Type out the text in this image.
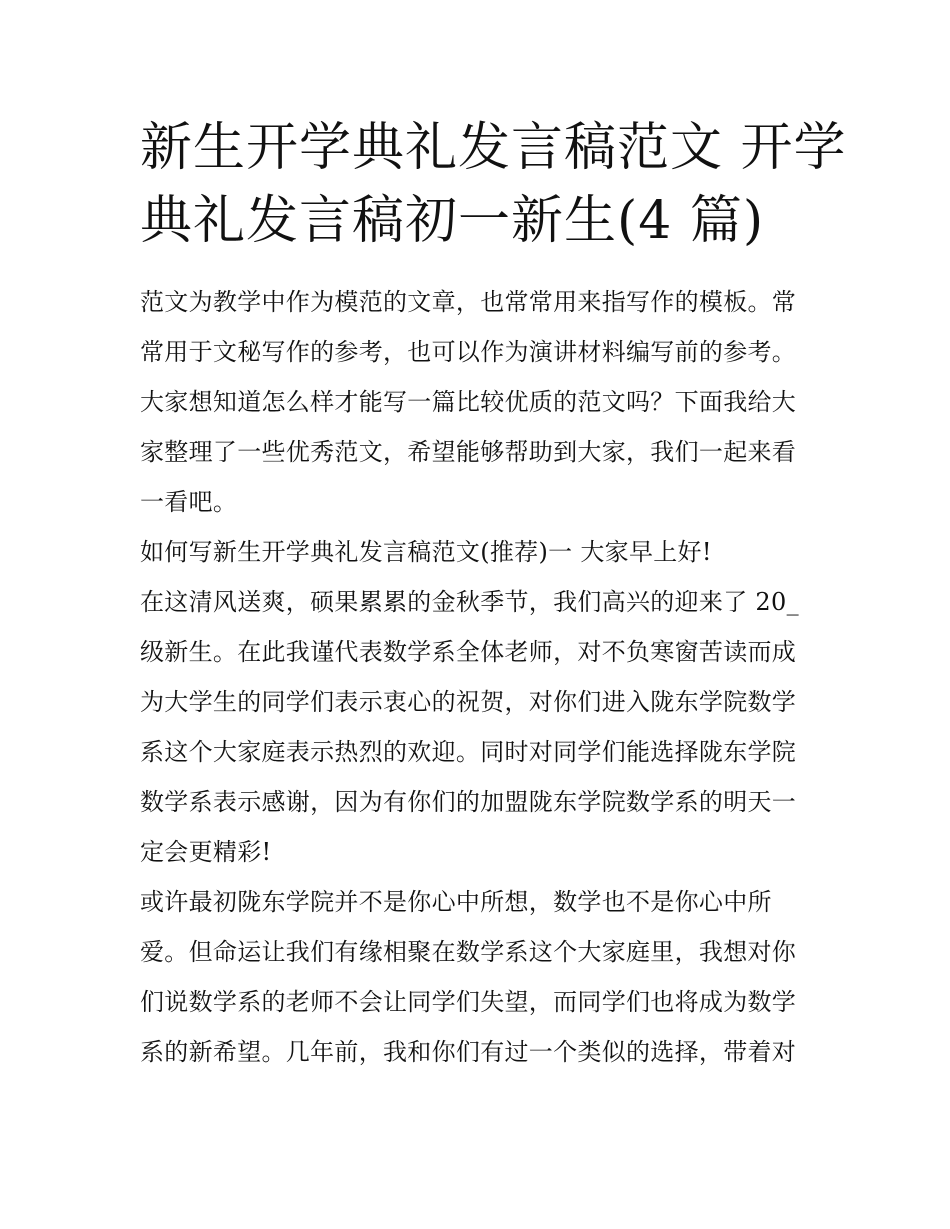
新生开学典礼发言稿范文 开学
典礼发言稿初一新生(4 篇)

范文为教学中作为模范的文章，也常常用来指写作的模板。常
常用于文秘写作的参考，也可以作为演讲材料编写前的参考。
大家想知道怎么样才能写一篇比较优质的范文吗？下面我给大
家整理了一些优秀范文，希望能够帮助到大家，我们一起来看
一看吧。

如何写新生开学典礼发言稿范文(推荐)一 大家早上好!

在这清风送爽，硕果累累的金秋季节，我们高兴的迎来了 20_
级新生。在此我谨代表数学系全体老师，对不负寒窗苦读而成
为大学生的同学们表示衷心的祝贺，对你们进入陇东学院数学
系这个大家庭表示热烈的欢迎。同时对同学们能选择陇东学院
数学系表示感谢，因为有你们的加盟陇东学院数学系的明天一
定会更精彩!

或许最初陇东学院并不是你心中所想，数学也不是你心中所
爱。但命运让我们有缘相聚在数学系这个大家庭里，我想对你
们说数学系的老师不会让同学们失望，而同学们也将成为数学
系的新希望。几年前，我和你们有过一个类似的选择，带着对
